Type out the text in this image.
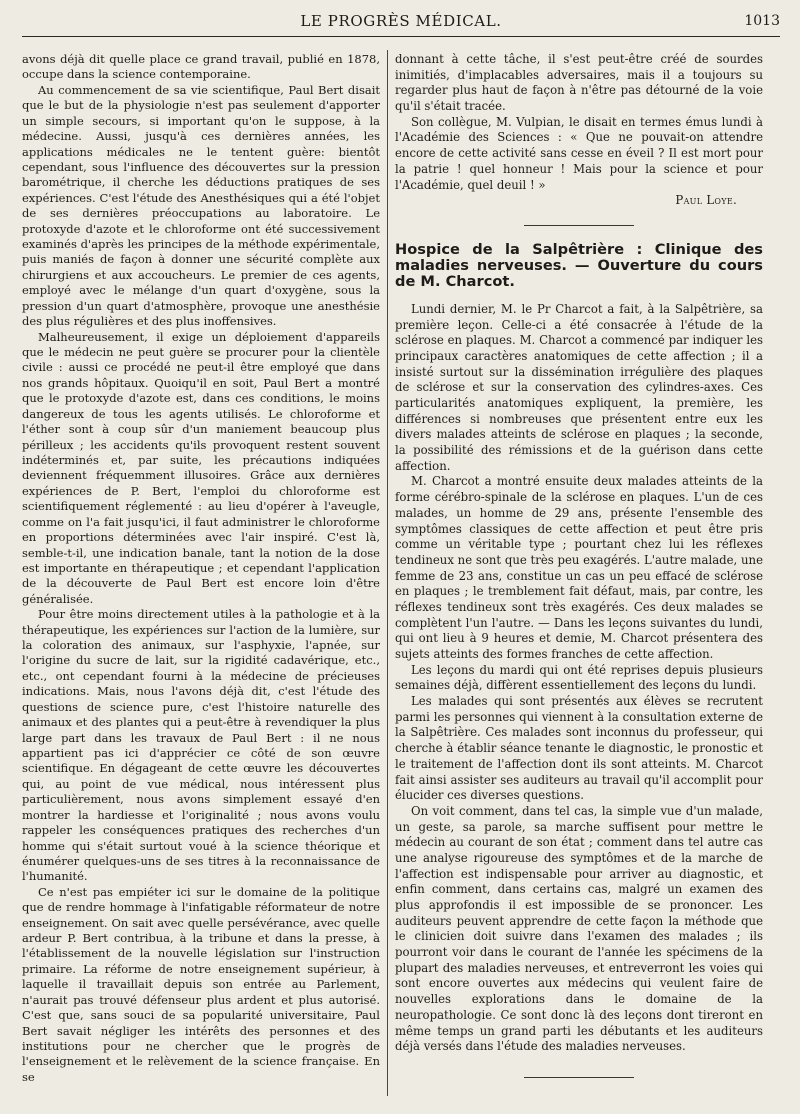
LE PROGRÈS MÉDICAL.	1013

avons déjà dit quelle place ce grand travail, publié en 1878, occupe dans la science contemporaine.

Au commencement de sa vie scientifique, Paul Bert disait que le but de la physiologie n'est pas seulement d'apporter un simple secours, si important qu'on le suppose, à la médecine. Aussi, jusqu'à ces dernières années, les applications médicales ne le tentent guère: bientôt cependant, sous l'influence des découvertes sur la pression barométrique, il cherche les déductions pratiques de ses expériences. C'est l'étude des Anesthésiques qui a été l'objet de ses dernières préoccupations au laboratoire. Le protoxyde d'azote et le chloroforme ont été successivement examinés d'après les principes de la méthode expérimentale, puis maniés de façon à donner une sécurité complète aux chirurgiens et aux accoucheurs. Le premier de ces agents, employé avec le mélange d'un quart d'oxygène, sous la pression d'un quart d'atmosphère, provoque une anesthésie des plus régulières et des plus inoffensives.

Malheureusement, il exige un déploiement d'appareils que le médecin ne peut guère se procurer pour la clientèle civile : aussi ce procédé ne peut-il être employé que dans nos grands hôpitaux. Quoiqu'il en soit, Paul Bert a montré que le protoxyde d'azote est, dans ces conditions, le moins dangereux de tous les agents utilisés. Le chloroforme et l'éther sont à coup sûr d'un maniement beaucoup plus périlleux ; les accidents qu'ils provoquent restent souvent indéterminés et, par suite, les précautions indiquées deviennent fréquemment illusoires. Grâce aux dernières expériences de P. Bert, l'emploi du chloroforme est scientifiquement réglementé : au lieu d'opérer à l'aveugle, comme on l'a fait jusqu'ici, il faut administrer le chloroforme en proportions déterminées avec l'air inspiré. C'est là, semble-t-il, une indication banale, tant la notion de la dose est importante en thérapeutique ; et cependant l'application de la découverte de Paul Bert est encore loin d'être généralisée.

Pour être moins directement utiles à la pathologie et à la thérapeutique, les expériences sur l'action de la lumière, sur la coloration des animaux, sur l'asphyxie, l'apnée, sur l'origine du sucre de lait, sur la rigidité cadavérique, etc., etc., ont cependant fourni à la médecine de précieuses indications. Mais, nous l'avons déjà dit, c'est l'étude des questions de science pure, c'est l'histoire naturelle des animaux et des plantes qui a peut-être à revendiquer la plus large part dans les travaux de Paul Bert : il ne nous appartient pas ici d'apprécier ce côté de son œuvre scientifique. En dégageant de cette œuvre les découvertes qui, au point de vue médical, nous intéressent plus particulièrement, nous avons simplement essayé d'en montrer la hardiesse et l'originalité ; nous avons voulu rappeler les conséquences pratiques des recherches d'un homme qui s'était surtout voué à la science théorique et énumérer quelques-uns de ses titres à la reconnaissance de l'humanité.

Ce n'est pas empiéter ici sur le domaine de la politique que de rendre hommage à l'infatigable réformateur de notre enseignement. On sait avec quelle persévérance, avec quelle ardeur P. Bert contribua, à la tribune et dans la presse, à l'établissement de la nouvelle législation sur l'instruction primaire. La réforme de notre enseignement supérieur, à laquelle il travaillait depuis son entrée au Parlement, n'aurait pas trouvé défenseur plus ardent et plus autorisé. C'est que, sans souci de sa popularité universitaire, Paul Bert savait négliger les intérêts des personnes et des institutions pour ne chercher que le progrès de l'enseignement et le relèvement de la science française. En se

donnant à cette tâche, il s'est peut-être créé de sourdes inimitiés, d'implacables adversaires, mais il a toujours su regarder plus haut de façon à n'être pas détourné de la voie qu'il s'était tracée.

Son collègue, M. Vulpian, le disait en termes émus lundi à l'Académie des Sciences : « Que ne pouvait-on attendre encore de cette activité sans cesse en éveil ? Il est mort pour la patrie ! quel honneur ! Mais pour la science et pour l'Académie, quel deuil ! »

Paul Loye.

Hospice de la Salpêtrière : Clinique des maladies nerveuses. — Ouverture du cours de M. Charcot.

Lundi dernier, M. le Pr Charcot a fait, à la Salpêtrière, sa première leçon. Celle-ci a été consacrée à l'étude de la sclérose en plaques. M. Charcot a commencé par indiquer les principaux caractères anatomiques de cette affection ; il a insisté surtout sur la dissémination irrégulière des plaques de sclérose et sur la conservation des cylindres-axes. Ces particularités anatomiques expliquent, la première, les différences si nombreuses que présentent entre eux les divers malades atteints de sclérose en plaques ; la seconde, la possibilité des rémissions et de la guérison dans cette affection.

M. Charcot a montré ensuite deux malades atteints de la forme cérébro-spinale de la sclérose en plaques. L'un de ces malades, un homme de 29 ans, présente l'ensemble des symptômes classiques de cette affection et peut être pris comme un véritable type ; pourtant chez lui les réflexes tendineux ne sont que très peu exagérés. L'autre malade, une femme de 23 ans, constitue un cas un peu effacé de sclérose en plaques ; le tremblement fait défaut, mais, par contre, les réflexes tendineux sont très exagérés. Ces deux malades se complètent l'un l'autre. — Dans les leçons suivantes du lundi, qui ont lieu à 9 heures et demie, M. Charcot présentera des sujets atteints des formes franches de cette affection.

Les leçons du mardi qui ont été reprises depuis plusieurs semaines déjà, diffèrent essentiellement des leçons du lundi.

Les malades qui sont présentés aux élèves se recrutent parmi les personnes qui viennent à la consultation externe de la Salpêtrière. Ces malades sont inconnus du professeur, qui cherche à établir séance tenante le diagnostic, le pronostic et le traitement de l'affection dont ils sont atteints. M. Charcot fait ainsi assister ses auditeurs au travail qu'il accomplit pour élucider ces diverses questions.

On voit comment, dans tel cas, la simple vue d'un malade, un geste, sa parole, sa marche suffisent pour mettre le médecin au courant de son état ; comment dans tel autre cas une analyse rigoureuse des symptômes et de la marche de l'affection est indispensable pour arriver au diagnostic, et enfin comment, dans certains cas, malgré un examen des plus approfondis il est impossible de se prononcer. Les auditeurs peuvent apprendre de cette façon la méthode que le clinicien doit suivre dans l'examen des malades ; ils pourront voir dans le courant de l'année les spécimens de la plupart des maladies nerveuses, et entreverront les voies qui sont encore ouvertes aux médecins qui veulent faire de nouvelles explorations dans le domaine de la neuropathologie. Ce sont donc là des leçons dont tireront en même temps un grand parti les débutants et les auditeurs déjà versés dans l'étude des maladies nerveuses.
